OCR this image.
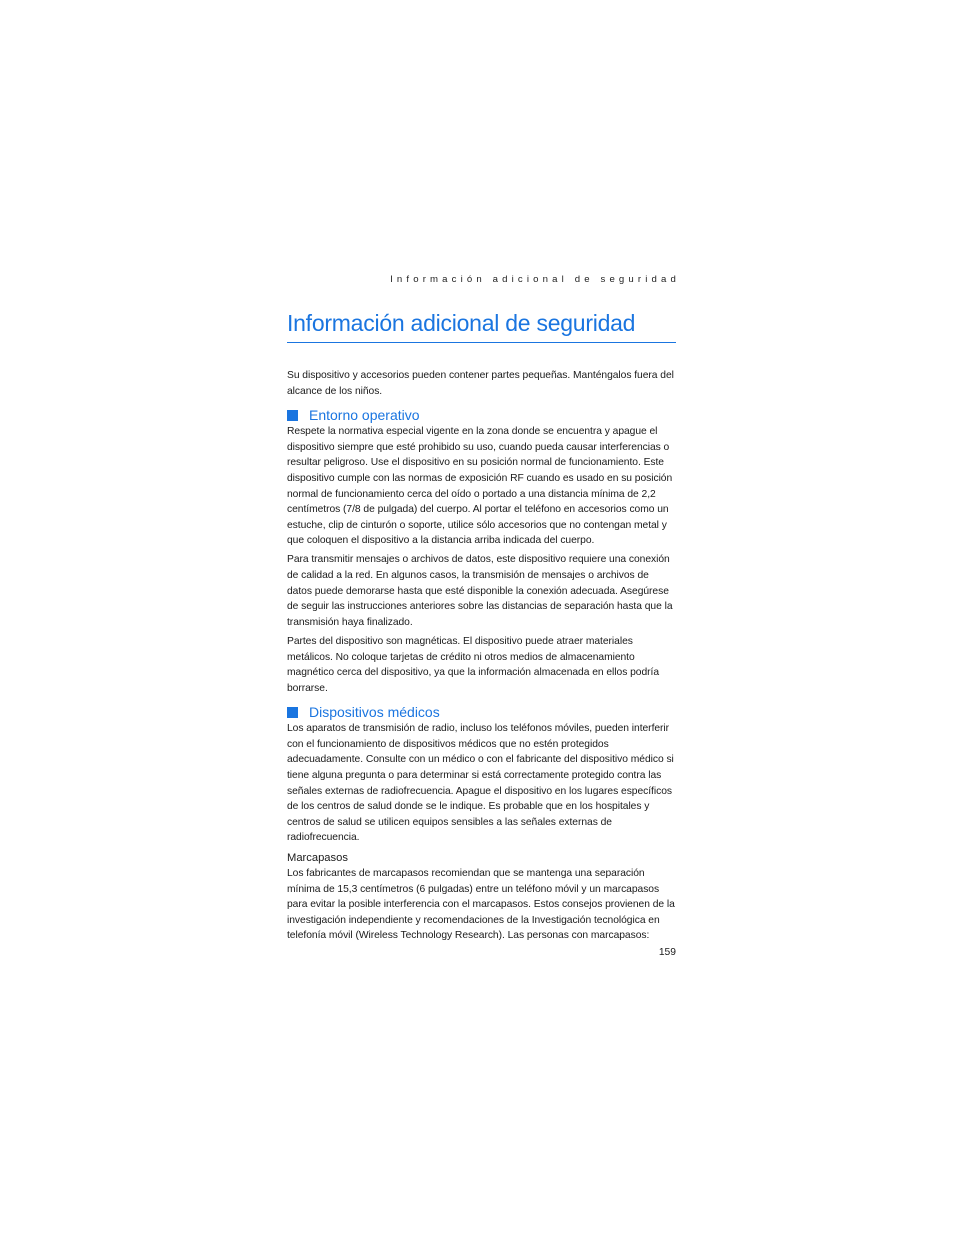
Información adicional de seguridad
Información adicional de seguridad

Su dispositivo y accesorios pueden contener partes pequeñas. Manténgalos fuera del alcance de los niños.

Entorno operativo

Respete la normativa especial vigente en la zona donde se encuentra y apague el dispositivo siempre que esté prohibido su uso, cuando pueda causar interferencias o resultar peligroso. Use el dispositivo en su posición normal de funcionamiento. Este dispositivo cumple con las normas de exposición RF cuando es usado en su posición normal de funcionamiento cerca del oído o portado a una distancia mínima de 2,2 centímetros (7/8 de pulgada) del cuerpo. Al portar el teléfono en accesorios como un estuche, clip de cinturón o soporte, utilice sólo accesorios que no contengan metal y que coloquen el dispositivo a la distancia arriba indicada del cuerpo.

Para transmitir mensajes o archivos de datos, este dispositivo requiere una conexión de calidad a la red. En algunos casos, la transmisión de mensajes o archivos de datos puede demorarse hasta que esté disponible la conexión adecuada. Asegúrese de seguir las instrucciones anteriores sobre las distancias de separación hasta que la transmisión haya finalizado.

Partes del dispositivo son magnéticas. El dispositivo puede atraer materiales metálicos. No coloque tarjetas de crédito ni otros medios de almacenamiento magnético cerca del dispositivo, ya que la información almacenada en ellos podría borrarse.

Dispositivos médicos

Los aparatos de transmisión de radio, incluso los teléfonos móviles, pueden interferir con el funcionamiento de dispositivos médicos que no estén protegidos adecuadamente. Consulte con un médico o con el fabricante del dispositivo médico si tiene alguna pregunta o para determinar si está correctamente protegido contra las señales externas de radiofrecuencia. Apague el dispositivo en los lugares específicos de los centros de salud donde se le indique. Es probable que en los hospitales y centros de salud se utilicen equipos sensibles a las señales externas de radiofrecuencia.

Marcapasos

Los fabricantes de marcapasos recomiendan que se mantenga una separación mínima de 15,3 centímetros (6 pulgadas) entre un teléfono móvil y un marcapasos para evitar la posible interferencia con el marcapasos. Estos consejos provienen de la investigación independiente y recomendaciones de la Investigación tecnológica en telefonía móvil (Wireless Technology Research). Las personas con marcapasos:

159
